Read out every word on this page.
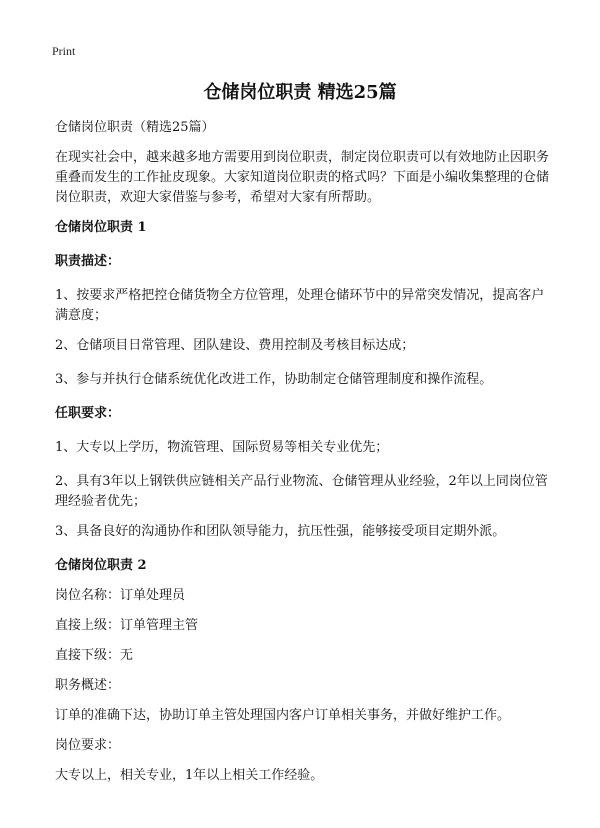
Print
仓储岗位职责 精选25篇

仓储岗位职责（精选25篇）

在现实社会中，越来越多地方需要用到岗位职责，制定岗位职责可以有效地防止因职务重叠而发生的工作扯皮现象。大家知道岗位职责的格式吗？下面是小编收集整理的仓储岗位职责，欢迎大家借鉴与参考，希望对大家有所帮助。

仓储岗位职责 1

职责描述：

1、按要求严格把控仓储货物全方位管理，处理仓储环节中的异常突发情况，提高客户满意度；

2、仓储项目日常管理、团队建设、费用控制及考核目标达成；

3、参与并执行仓储系统优化改进工作，协助制定仓储管理制度和操作流程。

任职要求：

1、大专以上学历，物流管理、国际贸易等相关专业优先；

2、具有3年以上钢铁供应链相关产品行业物流、仓储管理从业经验，2年以上同岗位管理经验者优先；

3、具备良好的沟通协作和团队领导能力，抗压性强，能够接受项目定期外派。

仓储岗位职责 2

岗位名称：订单处理员

直接上级：订单管理主管

直接下级：无

职务概述：

订单的准确下达，协助订单主管处理国内客户订单相关事务，并做好维护工作。

岗位要求：

大专以上，相关专业，1年以上相关工作经验。
